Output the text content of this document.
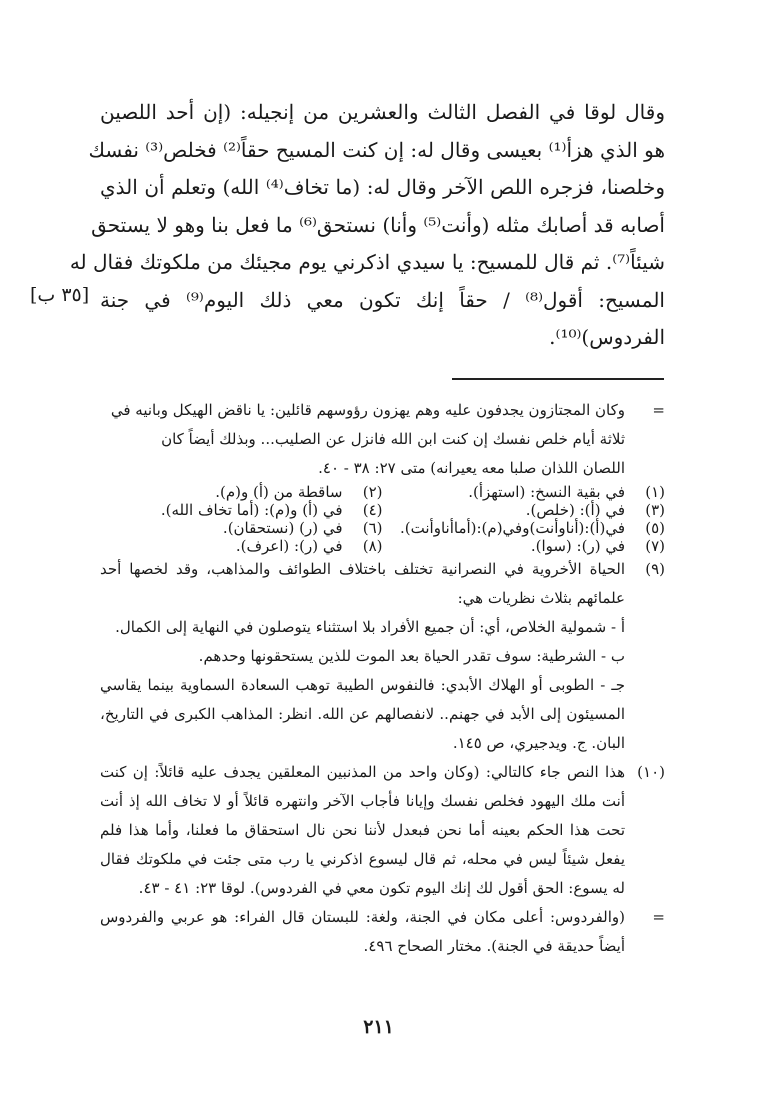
وقال لوقا في الفصل الثالث والعشرين من إنجيله: (إن أحد اللصين
هو الذي هزأ⁽¹⁾ بعيسى وقال له: إن كنت المسيح حقاً⁽²⁾ فخلص⁽³⁾ نفسك
وخلصنا، فزجره اللص الآخر وقال له: (ما تخاف⁽⁴⁾ الله) وتعلم أن الذي
أصابه قد أصابك مثله (وأنت⁽⁵⁾ وأنا) نستحق⁽⁶⁾ ما فعل بنا وهو لا يستحق
شيئاً⁽⁷⁾. ثم قال للمسيح: يا سيدي اذكرني يوم مجيئك من ملكوتك فقال له
المسيح: أقول⁽⁸⁾ / حقاً إنك تكون معي ذلك اليوم⁽⁹⁾ في جنة
الفردوس)⁽¹⁰⁾.
[٣٥ ب]
=
وكان المجتازون يجدفون عليه وهم يهزون رؤوسهم قائلين: يا ناقض الهيكل وبانيه في
ثلاثة أيام خلص نفسك إن كنت ابن الله فانزل عن الصليب... وبذلك أيضاً كان
اللصان اللذان صلبا معه يعيرانه) متى ٢٧: ٣٨ - ٤٠.
(١)
في بقية النسخ: (استهزأ).
(٢)
ساقطة من (أ) و(م).
(٣)
في (أ): (خلص).
(٤)
في (أ) و(م): (أما تخاف الله).
(٥)
في(أ):(أناوأنت)وفي(م):(أماأناوأنت).
(٦)
في (ر) (نستحقان).
(٧)
في (ر): (سوا).
(٨)
في (ر): (اعرف).
(٩)
الحياة الأخروية في النصرانية تختلف باختلاف الطوائف والمذاهب، وقد لخصها أحد علمائهم بثلاث نظريات هي:
أ - شمولية الخلاص، أي: أن جميع الأفراد بلا استثناء يتوصلون في النهاية إلى الكمال.
ب - الشرطية: سوف تقدر الحياة بعد الموت للذين يستحقونها وحدهم.
جـ - الطوبى أو الهلاك الأبدي: فالنفوس الطيبة توهب السعادة السماوية بينما يقاسي المسيئون إلى الأبد في جهنم.. لانفصالهم عن الله. انظر: المذاهب الكبرى في التاريخ، البان. ج. ويدجيري، ص ١٤٥.
(١٠)
هذا النص جاء كالتالي: (وكان واحد من المذنبين المعلقين يجدف عليه قائلاً: إن كنت أنت ملك اليهود فخلص نفسك وإيانا فأجاب الآخر وانتهره قائلاً أو لا تخاف الله إذ أنت تحت هذا الحكم بعينه أما نحن فبعدل لأننا نحن نال استحقاق ما فعلنا، وأما هذا فلم يفعل شيئاً ليس في محله، ثم قال ليسوع اذكرني يا رب متى جئت في ملكوتك فقال له يسوع: الحق أقول لك إنك اليوم تكون معي في الفردوس). لوقا ٢٣: ٤١ - ٤٣.
=
(والفردوس: أعلى مكان في الجنة، ولغة: للبستان قال الفراء: هو عربي والفردوس أيضاً حديقة في الجنة). مختار الصحاح ٤٩٦.
٢١١
